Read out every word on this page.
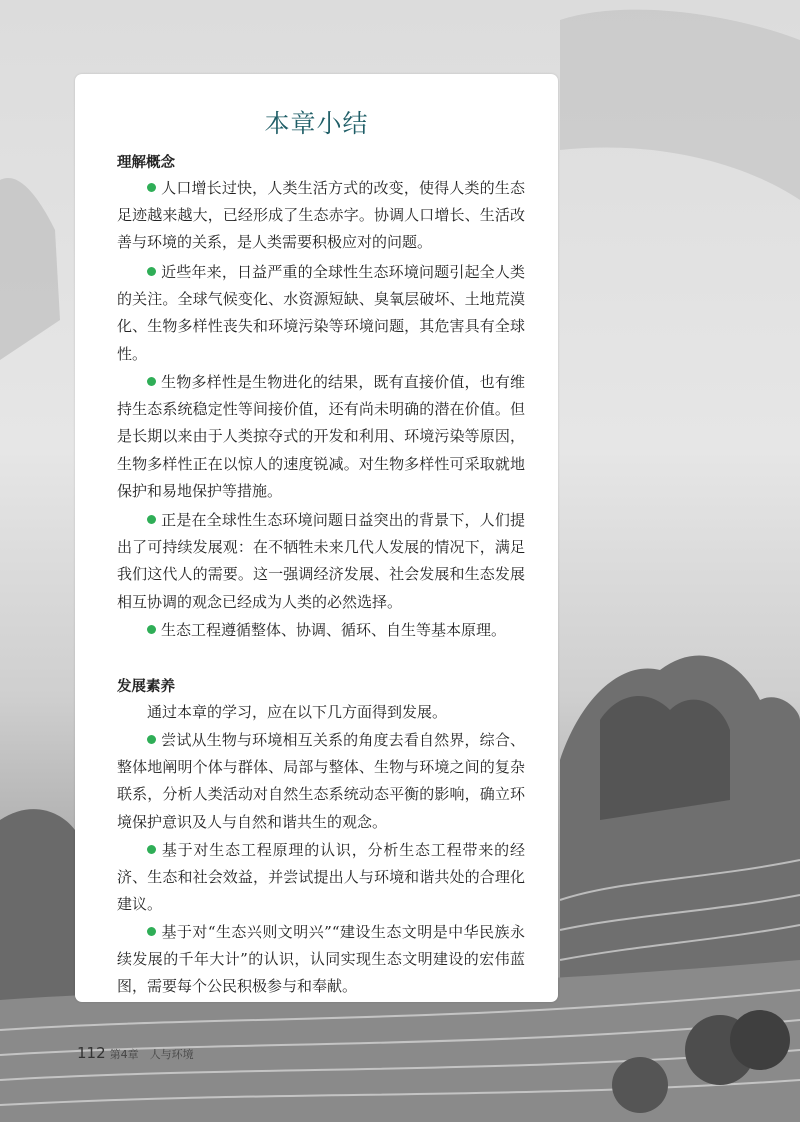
本章小结
理解概念

人口增长过快，人类生活方式的改变，使得人类的生态足迹越来越大，已经形成了生态赤字。协调人口增长、生活改善与环境的关系，是人类需要积极应对的问题。

近些年来，日益严重的全球性生态环境问题引起全人类的关注。全球气候变化、水资源短缺、臭氧层破坏、土地荒漠化、生物多样性丧失和环境污染等环境问题，其危害具有全球性。

生物多样性是生物进化的结果，既有直接价值，也有维持生态系统稳定性等间接价值，还有尚未明确的潜在价值。但是长期以来由于人类掠夺式的开发和利用、环境污染等原因，生物多样性正在以惊人的速度锐减。对生物多样性可采取就地保护和易地保护等措施。

正是在全球性生态环境问题日益突出的背景下，人们提出了可持续发展观：在不牺牲未来几代人发展的情况下，满足我们这代人的需要。这一强调经济发展、社会发展和生态发展相互协调的观念已经成为人类的必然选择。

生态工程遵循整体、协调、循环、自生等基本原理。

发展素养

通过本章的学习，应在以下几方面得到发展。

尝试从生物与环境相互关系的角度去看自然界，综合、整体地阐明个体与群体、局部与整体、生物与环境之间的复杂联系，分析人类活动对自然生态系统动态平衡的影响，确立环境保护意识及人与自然和谐共生的观念。

基于对生态工程原理的认识，分析生态工程带来的经济、生态和社会效益，并尝试提出人与环境和谐共处的合理化建议。

基于对“生态兴则文明兴”“建设生态文明是中华民族永续发展的千年大计”的认识，认同实现生态文明建设的宏伟蓝图，需要每个公民积极参与和奉献。

112 第4章　人与环境
